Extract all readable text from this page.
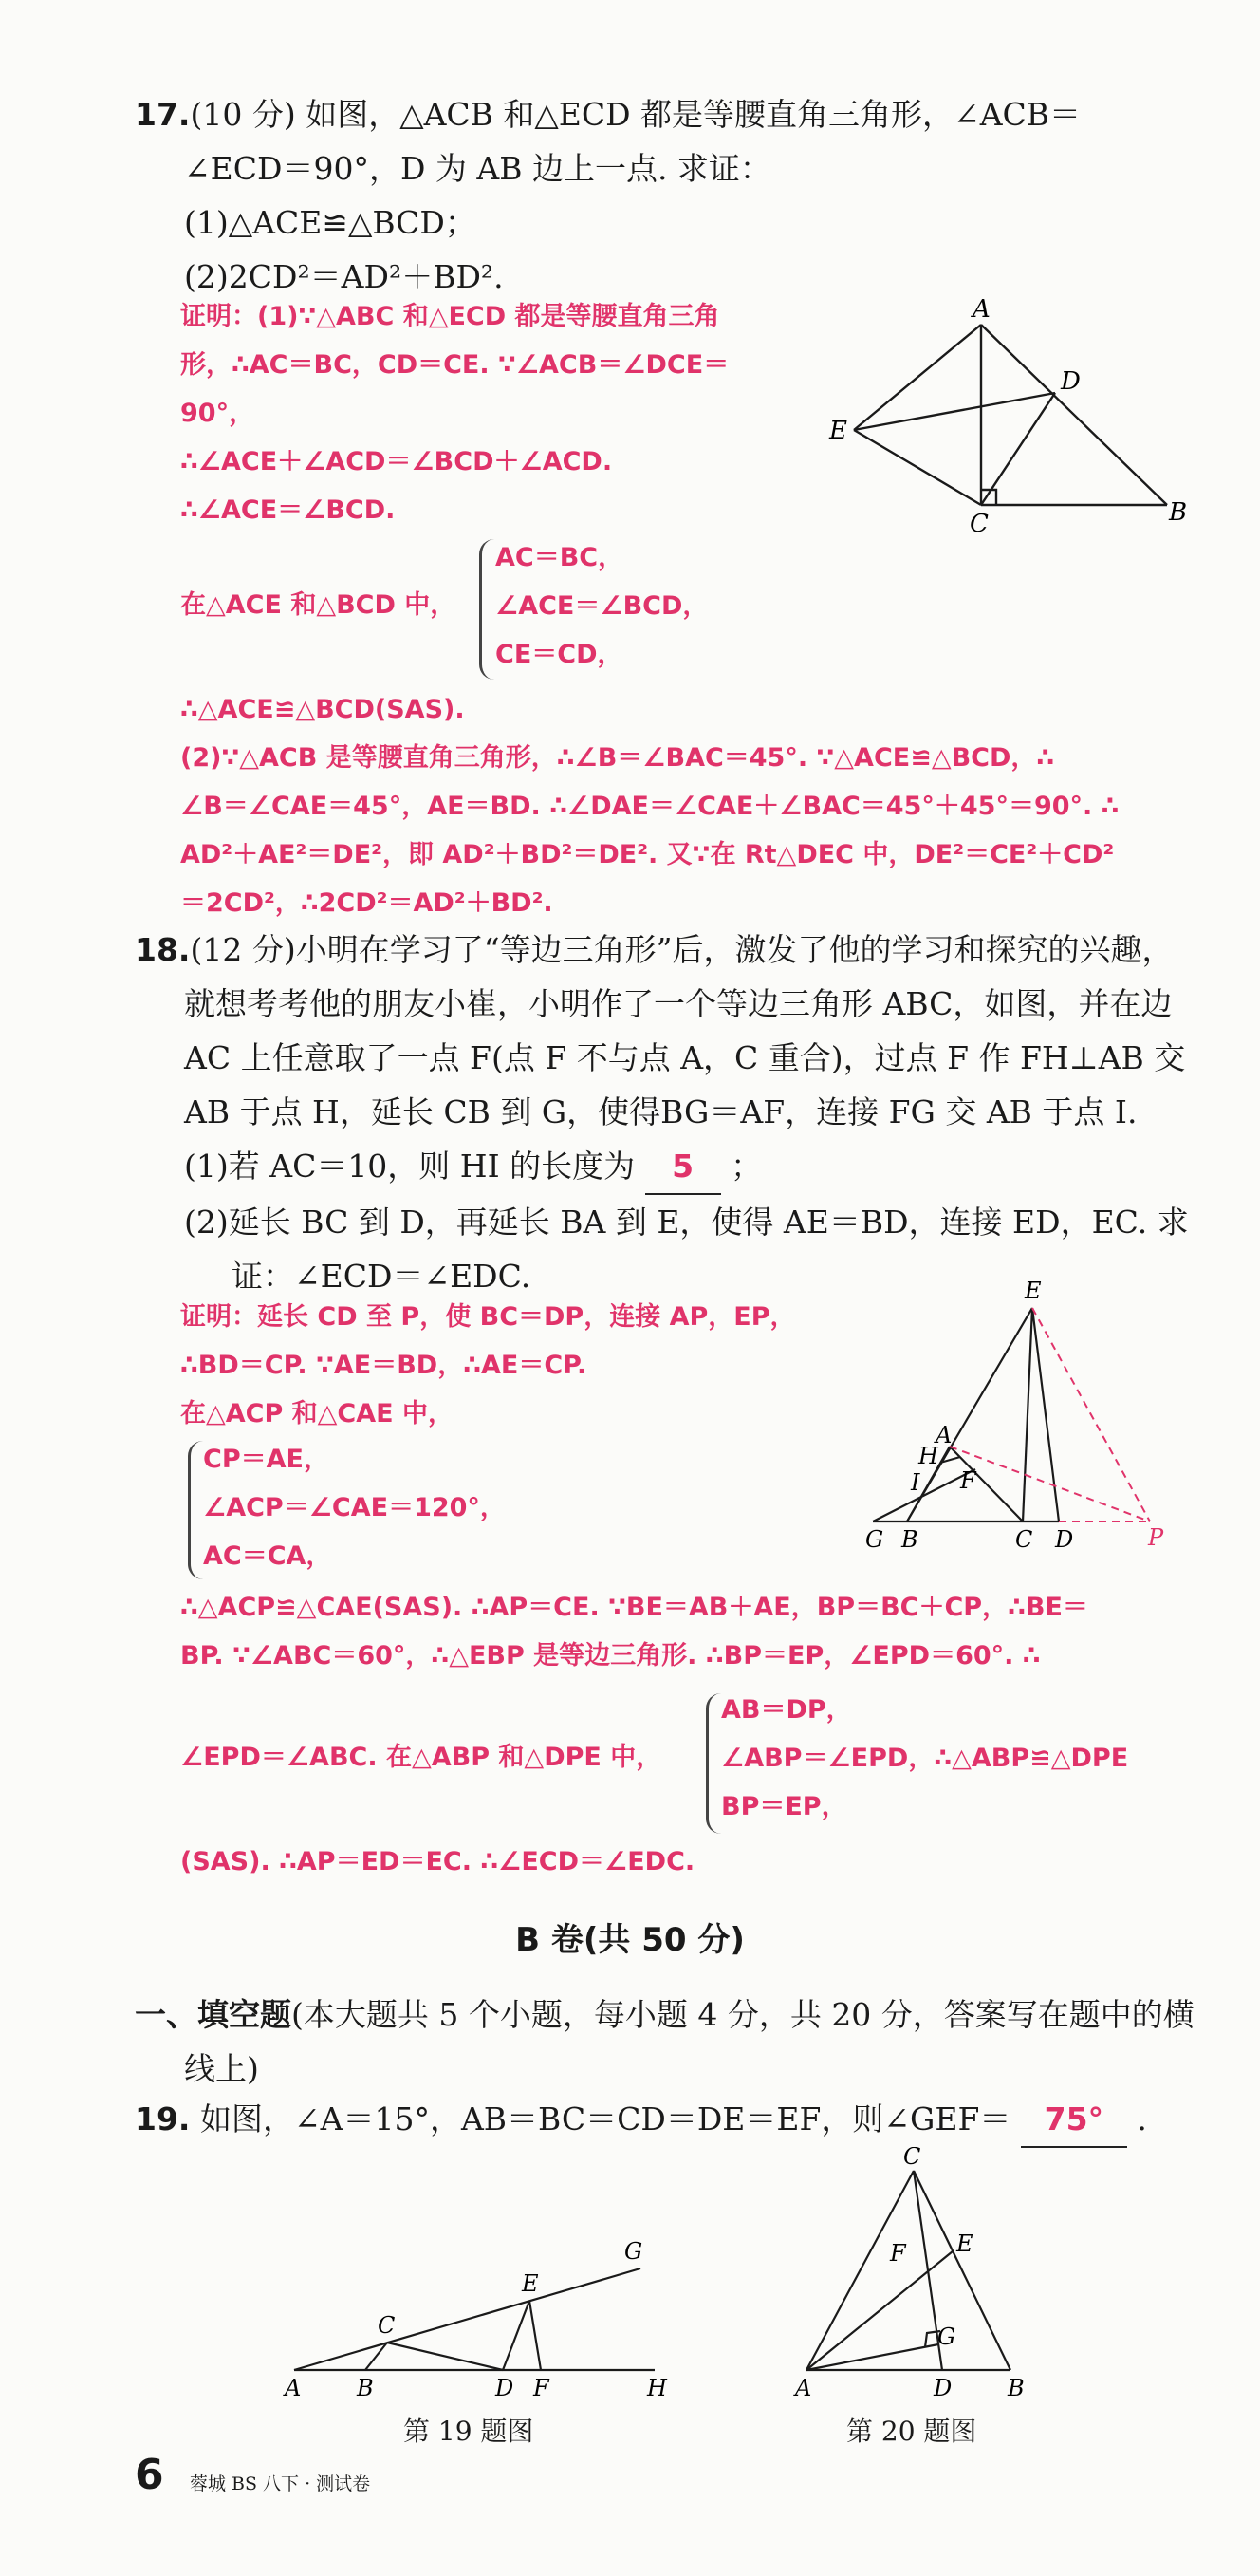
17.(10 分) 如图，△ACB 和△ECD 都是等腰直角三角形，∠ACB＝
∠ECD＝90°，D 为 AB 边上一点. 求证：
(1)△ACE≌△BCD；
(2)2CD²＝AD²＋BD².
证明：(1)∵△ABC 和△ECD 都是等腰直角三角
形，∴AC＝BC，CD＝CE. ∵∠ACB＝∠DCE＝
90°，
∴∠ACE＋∠ACD＝∠BCD＋∠ACD.
∴∠ACE＝∠BCD.
在△ACE 和△BCD 中，
AC＝BC，
∠ACE＝∠BCD，
CE＝CD，
∴△ACE≌△BCD(SAS).
(2)∵△ACB 是等腰直角三角形，∴∠B＝∠BAC＝45°. ∵△ACE≌△BCD，∴
∠B＝∠CAE＝45°，AE＝BD. ∴∠DAE＝∠CAE＋∠BAC＝45°＋45°＝90°. ∴
AD²＋AE²＝DE²，即 AD²＋BD²＝DE². 又∵在 Rt△DEC 中，DE²＝CE²＋CD²
＝2CD²，∴2CD²＝AD²＋BD².
A
D
E
C	B
18.(12 分)小明在学习了“等边三角形”后，激发了他的学习和探究的兴趣，
就想考考他的朋友小崔，小明作了一个等边三角形 ABC，如图，并在边
AC 上任意取了一点 F(点 F 不与点 A，C 重合)，过点 F 作 FH⊥AB 交
AB 于点 H，延长 CB 到 G，使得BG＝AF，连接 FG 交 AB 于点 I.
(1)若 AC＝10，则 HI 的长度为 5 ；
(2)延长 BC 到 D，再延长 BA 到 E，使得 AE＝BD，连接 ED，EC. 求
证：∠ECD＝∠EDC.
证明：延长 CD 至 P，使 BC＝DP，连接 AP，EP，
∴BD＝CP. ∵AE＝BD，∴AE＝CP.
在△ACP 和△CAE 中，
CP＝AE，
∠ACP＝∠CAE＝120°，
AC＝CA，
∴△ACP≌△CAE(SAS). ∴AP＝CE. ∵BE＝AB＋AE，BP＝BC＋CP，∴BE＝
BP. ∵∠ABC＝60°，∴△EBP 是等边三角形. ∴BP＝EP，∠EPD＝60°. ∴
∠EPD＝∠ABC. 在△ABP 和△DPE 中，
AB＝DP，
∠ABP＝∠EPD，∴△ABP≌△DPE
BP＝EP，
(SAS). ∴AP＝ED＝EC. ∴∠ECD＝∠EDC.
E
A
H
I F
G B	C D	P
B 卷(共 50 分)
一、填空题(本大题共 5 个小题，每小题 4 分，共 20 分，答案写在题中的横
线上)
19. 如图，∠A＝15°，AB＝BC＝CD＝DE＝EF，则∠GEF＝ 75° .
A B
C
D
E
F
G
H
第 19 题图
C
E
F
G
A	D B
第 20 题图
6 蓉城 BS 八下 · 测试卷
